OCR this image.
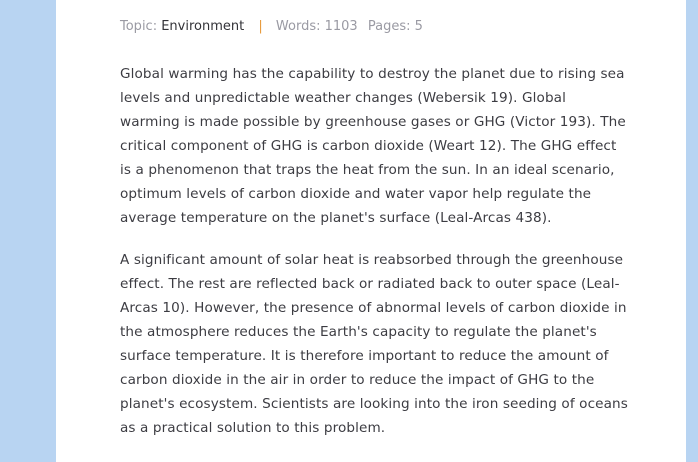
Topic: Environment | Words: 1103 Pages: 5

Global warming has the capability to destroy the planet due to rising sea levels and unpredictable weather changes (Webersik 19). Global warming is made possible by greenhouse gases or GHG (Victor 193). The critical component of GHG is carbon dioxide (Weart 12). The GHG effect is a phenomenon that traps the heat from the sun. In an ideal scenario, optimum levels of carbon dioxide and water vapor help regulate the average temperature on the planet's surface (Leal-Arcas 438).

A significant amount of solar heat is reabsorbed through the greenhouse effect. The rest are reflected back or radiated back to outer space (Leal-Arcas 10). However, the presence of abnormal levels of carbon dioxide in the atmosphere reduces the Earth's capacity to regulate the planet's surface temperature. It is therefore important to reduce the amount of carbon dioxide in the air in order to reduce the impact of GHG to the planet's ecosystem. Scientists are looking into the iron seeding of oceans as a practical solution to this problem.
